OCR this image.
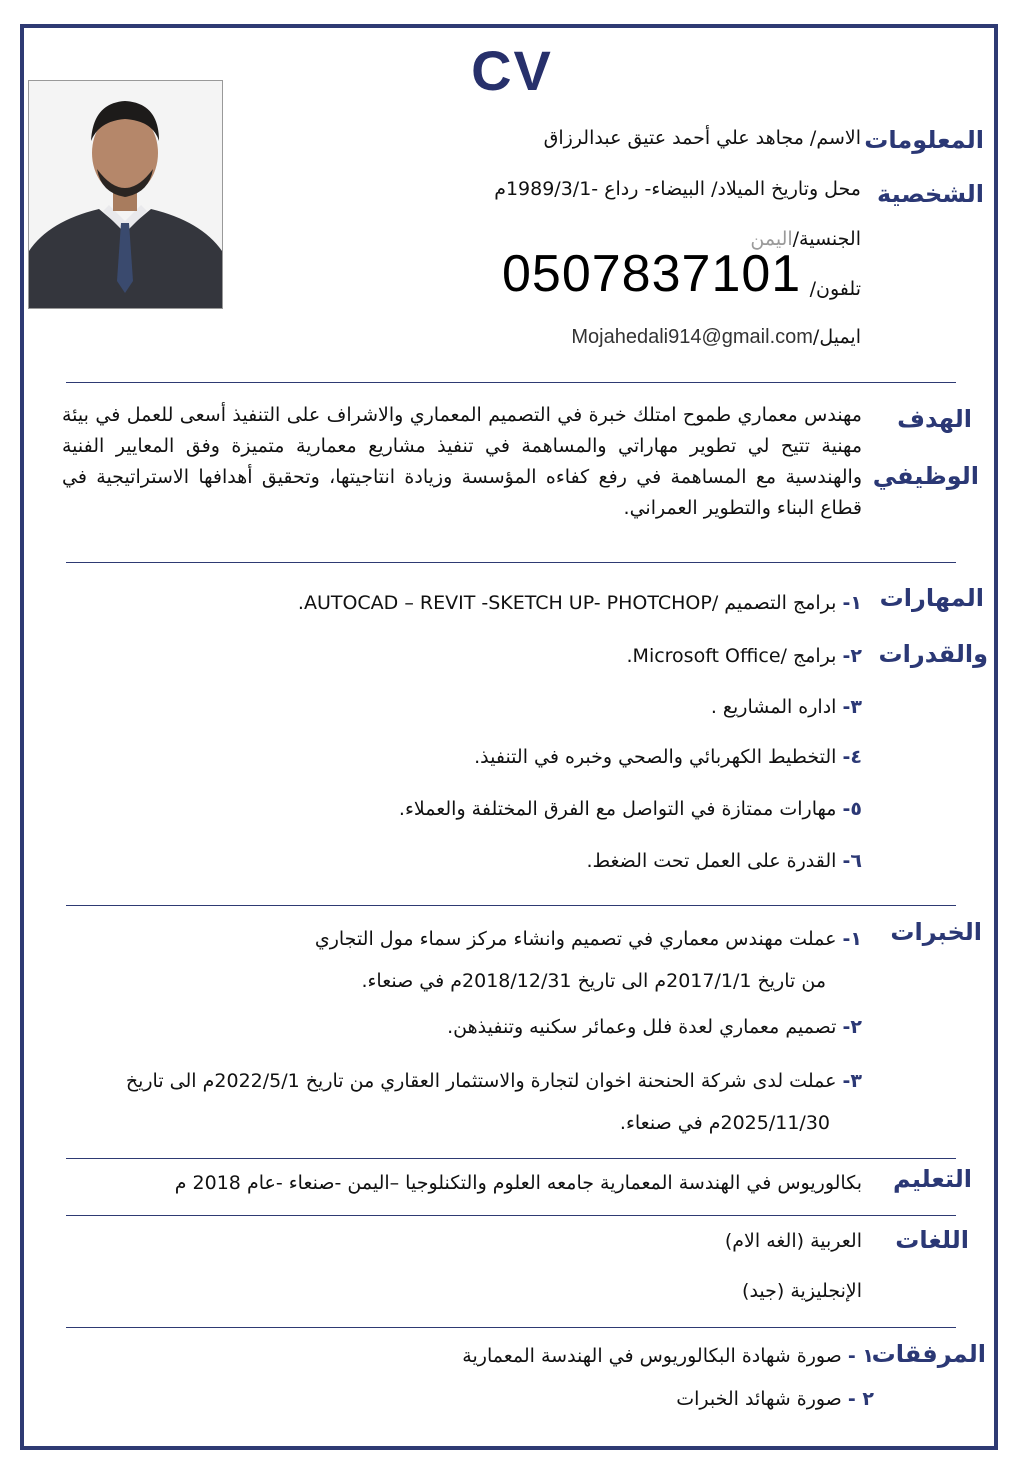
CV
المعلومات
الشخصية
الاسم/ مجاهد علي أحمد عتيق عبدالرزاق
محل وتاريخ الميلاد/ البيضاء- رداع -1989/3/1م
الجنسية/اليمن
تلفون/
0507837101
ايميل/Mojahedali914@gmail.com
الهدف
الوظيفي
مهندس معماري طموح امتلك خبرة في التصميم المعماري والاشراف على التنفيذ أسعى للعمل في بيئة مهنية تتيح لي تطوير مهاراتي والمساهمة في تنفيذ مشاريع معمارية متميزة وفق المعايير الفنية والهندسية مع المساهمة في رفع كفاءه المؤسسة وزيادة انتاجيتها، وتحقيق أهدافها الاستراتيجية في قطاع البناء والتطوير العمراني.
المهارات
والقدرات
١- برامج التصميم /AUTOCAD – REVIT -SKETCH UP- PHOTCHOP.
٢- برامج /Microsoft Office.
٣- اداره المشاريع .
٤- التخطيط الكهربائي والصحي وخبره في التنفيذ.
٥- مهارات ممتازة في التواصل مع الفرق المختلفة والعملاء.
٦- القدرة على العمل تحت الضغط.
الخبرات
١- عملت مهندس معماري في تصميم وانشاء مركز سماء مول التجاري
من تاريخ 2017/1/1م الى تاريخ 2018/12/31م في صنعاء.
٢- تصميم معماري لعدة فلل وعمائر سكنيه وتنفيذهن.
٣- عملت لدى شركة الحنحنة اخوان لتجارة والاستثمار العقاري من تاريخ 2022/5/1م الى تاريخ
2025/11/30م في صنعاء.
التعليم
بكالوريوس في الهندسة المعمارية جامعه العلوم والتكنلوجيا –اليمن -صنعاء -عام 2018 م
اللغات
العربية (الغه الام)
الإنجليزية (جيد)
المرفقات
١ - صورة شهادة البكالوريوس في الهندسة المعمارية
٢ - صورة شهائد الخبرات
